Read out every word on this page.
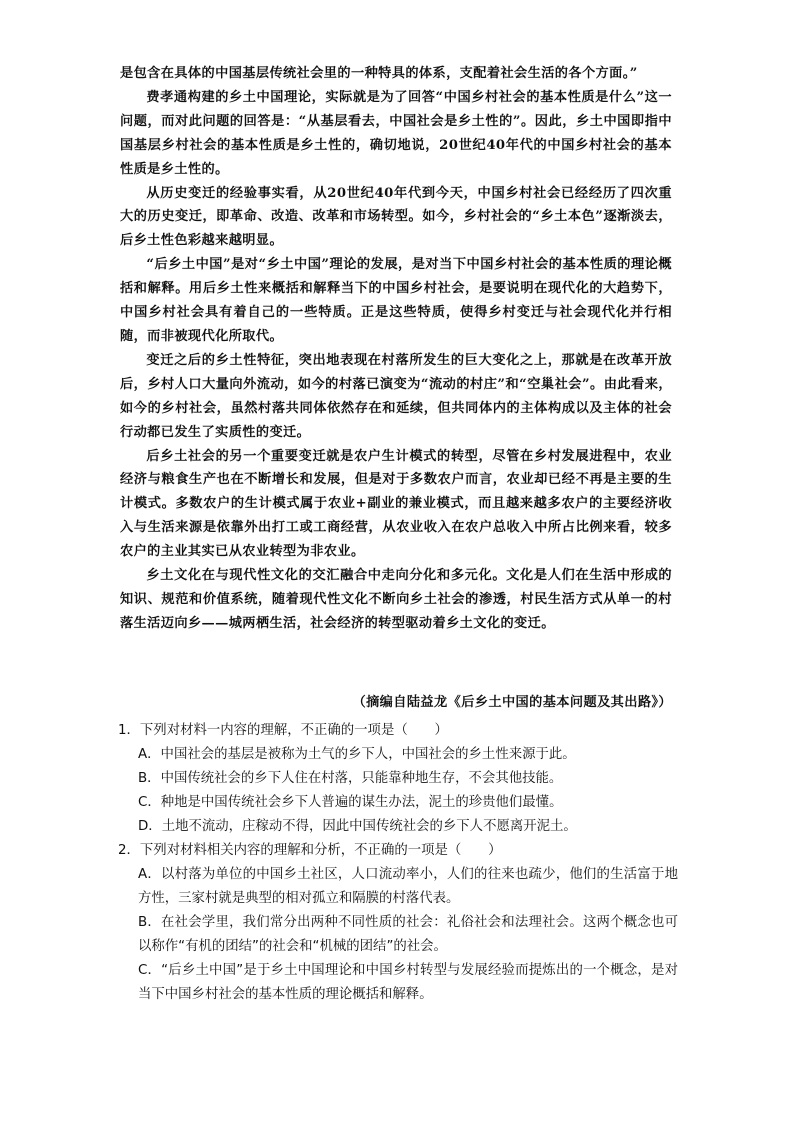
是包含在具体的中国基层传统社会里的一种特具的体系，支配着社会生活的各个方面。”

费孝通构建的乡土中国理论，实际就是为了回答“中国乡村社会的基本性质是什么”这一问题，而对此问题的回答是：“从基层看去，中国社会是乡土性的”。因此，乡土中国即指中国基层乡村社会的基本性质是乡土性的，确切地说，20世纪40年代的中国乡村社会的基本性质是乡土性的。

从历史变迁的经验事实看，从20世纪40年代到今天，中国乡村社会已经经历了四次重大的历史变迁，即革命、改造、改革和市场转型。如今，乡村社会的“乡土本色”逐渐淡去，后乡土性色彩越来越明显。

“后乡土中国”是对“乡土中国”理论的发展，是对当下中国乡村社会的基本性质的理论概括和解释。用后乡土性来概括和解释当下的中国乡村社会，是要说明在现代化的大趋势下，中国乡村社会具有着自己的一些特质。正是这些特质，使得乡村变迁与社会现代化并行相随，而非被现代化所取代。

变迁之后的乡土性特征，突出地表现在村落所发生的巨大变化之上，那就是在改革开放后，乡村人口大量向外流动，如今的村落已演变为“流动的村庄”和“空巢社会”。由此看来，如今的乡村社会，虽然村落共同体依然存在和延续，但共同体内的主体构成以及主体的社会行动都已发生了实质性的变迁。

后乡土社会的另一个重要变迁就是农户生计模式的转型，尽管在乡村发展进程中，农业经济与粮食生产也在不断增长和发展，但是对于多数农户而言，农业却已经不再是主要的生计模式。多数农户的生计模式属于农业+副业的兼业模式，而且越来越多农户的主要经济收入与生活来源是依靠外出打工或工商经营，从农业收入在农户总收入中所占比例来看，较多农户的主业其实已从农业转型为非农业。

乡土文化在与现代性文化的交汇融合中走向分化和多元化。文化是人们在生活中形成的知识、规范和价值系统，随着现代性文化不断向乡土社会的渗透，村民生活方式从单一的村落生活迈向乡——城两栖生活，社会经济的转型驱动着乡土文化的变迁。

（摘编自陆益龙《后乡土中国的基本问题及其出路》）

1．下列对材料一内容的理解，不正确的一项是（　　）

A．中国社会的基层是被称为土气的乡下人，中国社会的乡土性来源于此。

B．中国传统社会的乡下人住在村落，只能靠种地生存，不会其他技能。

C．种地是中国传统社会乡下人普遍的谋生办法，泥土的珍贵他们最懂。

D．土地不流动，庄稼动不得，因此中国传统社会的乡下人不愿离开泥土。

2．下列对材料相关内容的理解和分析，不正确的一项是（　　）

A．以村落为单位的中国乡土社区，人口流动率小，人们的往来也疏少，他们的生活富于地方性，三家村就是典型的相对孤立和隔膜的村落代表。

B．在社会学里，我们常分出两种不同性质的社会：礼俗社会和法理社会。这两个概念也可以称作“有机的团结”的社会和“机械的团结”的社会。

C．“后乡土中国”是于乡土中国理论和中国乡村转型与发展经验而提炼出的一个概念，是对当下中国乡村社会的基本性质的理论概括和解释。
